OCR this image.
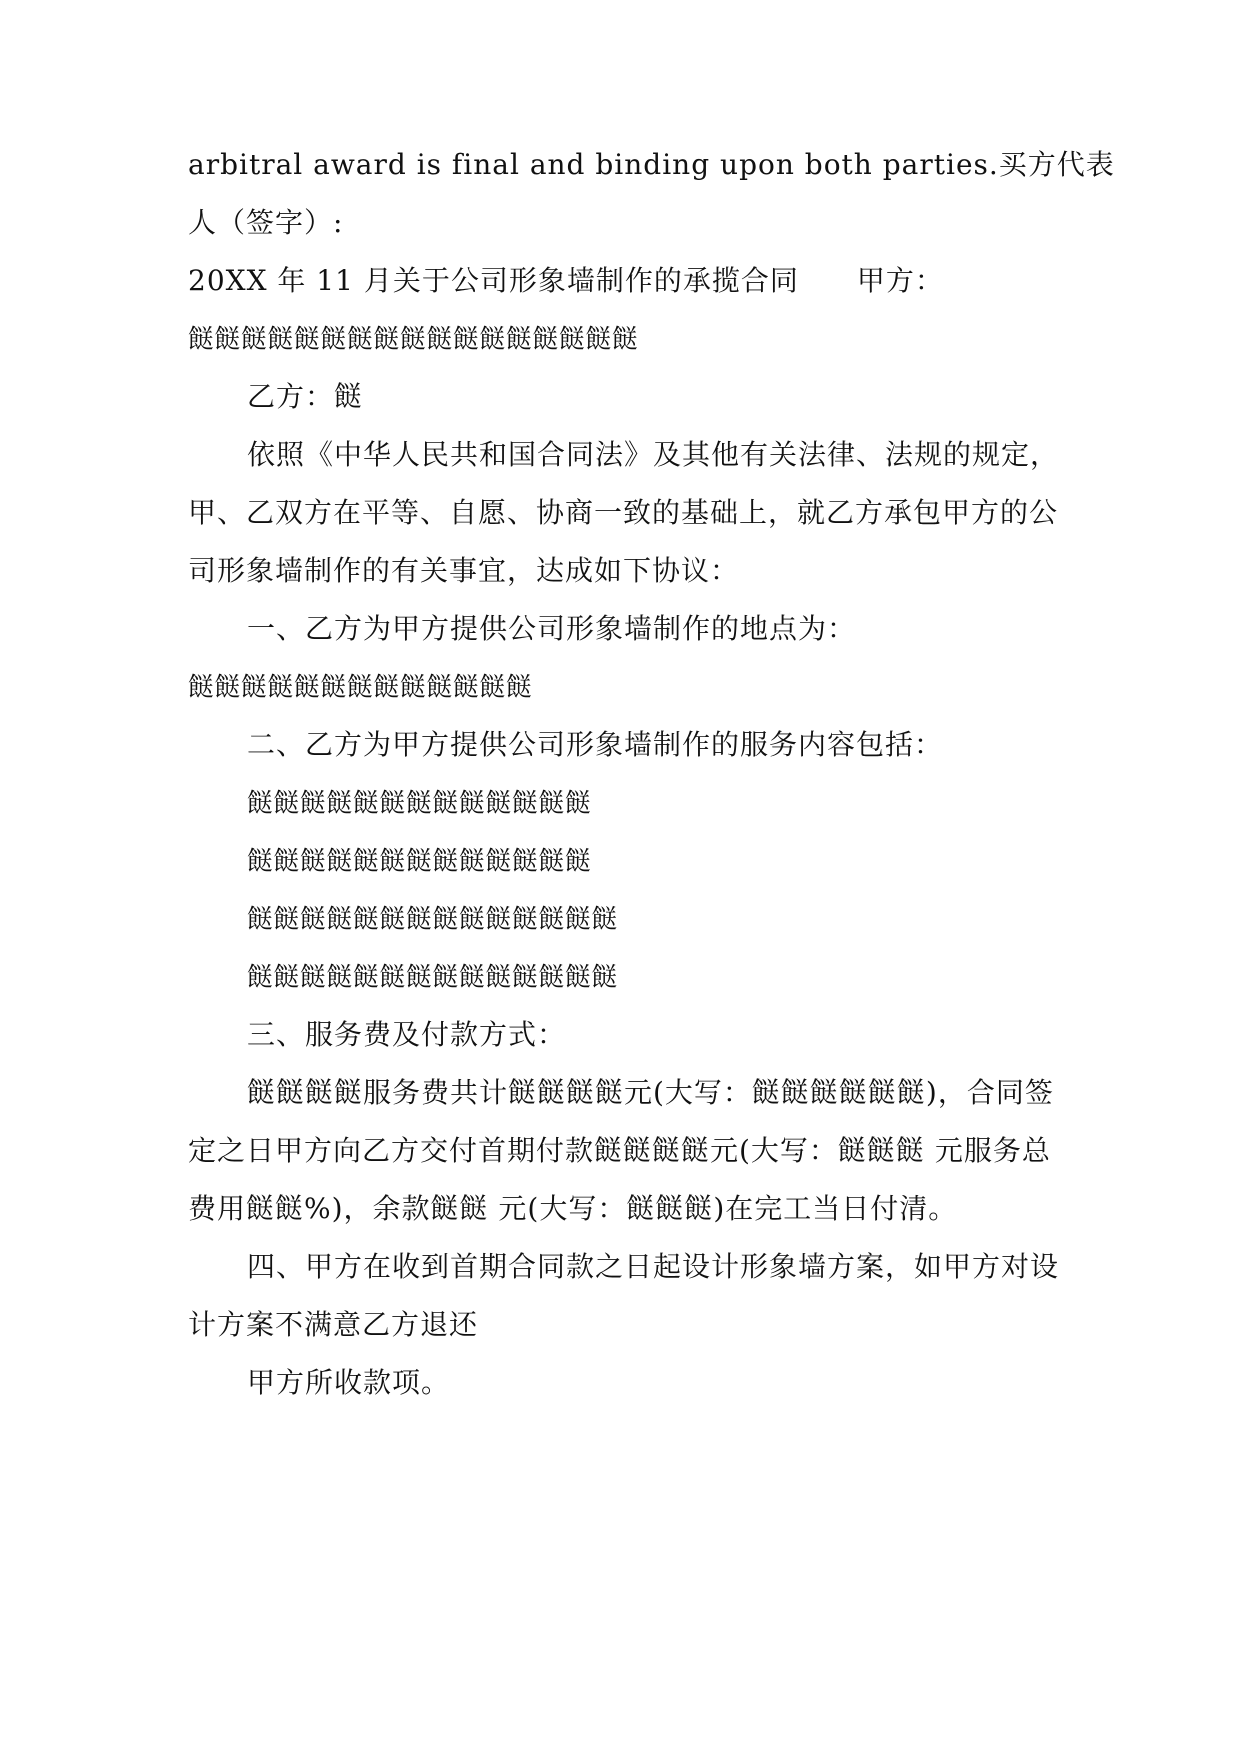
arbitral award is final and binding upon both parties.买方代表
人（签字）:
20XX 年 11 月关于公司形象墙制作的承揽合同　　甲方：
餸餸餸餸餸餸餸餸餸餸餸餸餸餸餸餸餸
乙方：餸
依照《中华人民共和国合同法》及其他有关法律、法规的规定，
甲、乙双方在平等、自愿、协商一致的基础上，就乙方承包甲方的公
司形象墙制作的有关事宜，达成如下协议：
一、乙方为甲方提供公司形象墙制作的地点为：
餸餸餸餸餸餸餸餸餸餸餸餸餸
二、乙方为甲方提供公司形象墙制作的服务内容包括：
餸餸餸餸餸餸餸餸餸餸餸餸餸
餸餸餸餸餸餸餸餸餸餸餸餸餸
餸餸餸餸餸餸餸餸餸餸餸餸餸餸
餸餸餸餸餸餸餸餸餸餸餸餸餸餸
三、服务费及付款方式：
餸餸餸餸服务费共计餸餸餸餸元(大写：餸餸餸餸餸餸)，合同签
定之日甲方向乙方交付首期付款餸餸餸餸元(大写：餸餸餸 元服务总
费用餸餸%)，余款餸餸 元(大写：餸餸餸)在完工当日付清。
四、甲方在收到首期合同款之日起设计形象墙方案，如甲方对设
计方案不满意乙方退还
甲方所收款项。
